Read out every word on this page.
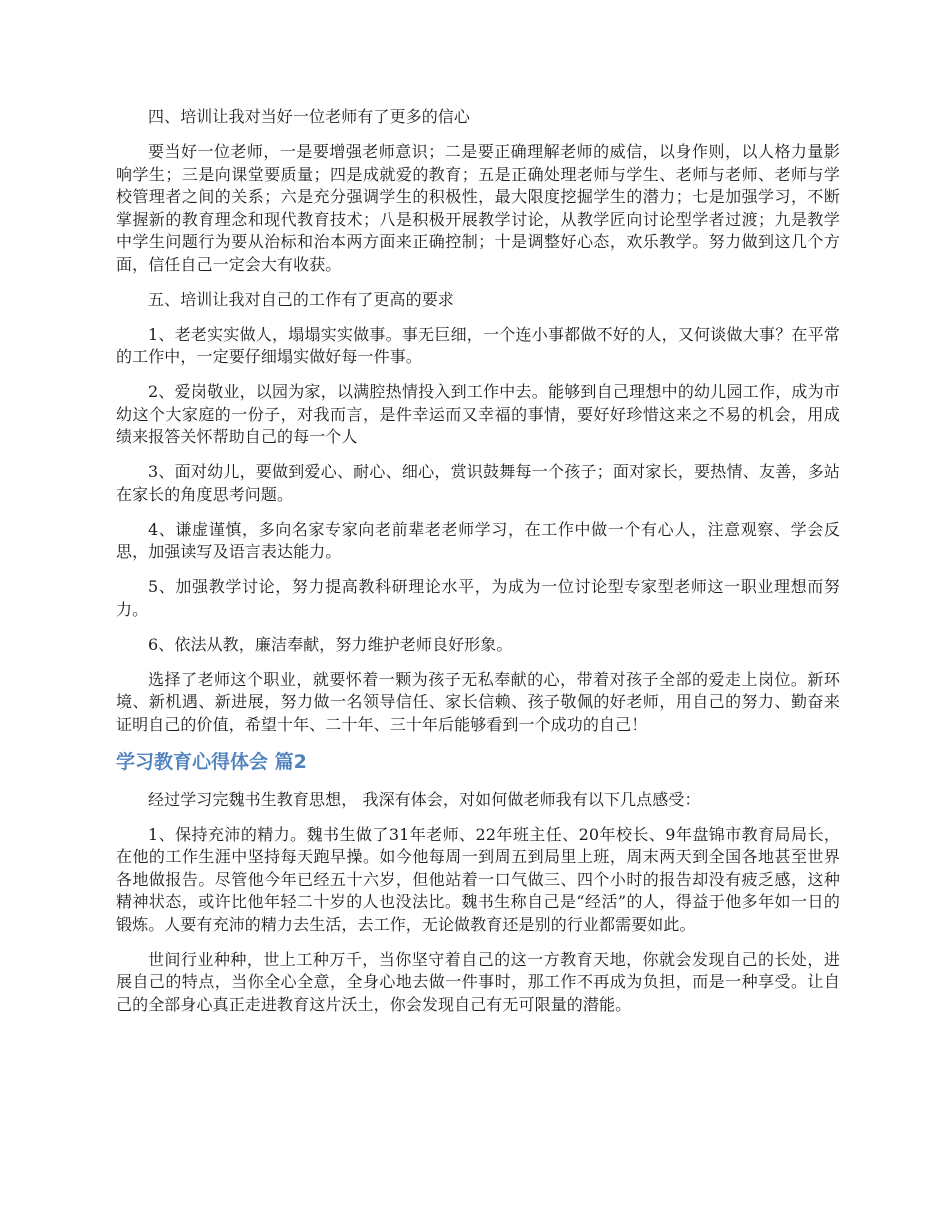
四、培训让我对当好一位老师有了更多的信心

要当好一位老师，一是要增强老师意识；二是要正确理解老师的威信，以身作则，以人格力量影响学生；三是向课堂要质量；四是成就爱的教育；五是正确处理老师与学生、老师与老师、老师与学校管理者之间的关系；六是充分强调学生的积极性，最大限度挖掘学生的潜力；七是加强学习，不断掌握新的教育理念和现代教育技术；八是积极开展教学讨论，从教学匠向讨论型学者过渡；九是教学中学生问题行为要从治标和治本两方面来正确控制；十是调整好心态，欢乐教学。努力做到这几个方面，信任自己一定会大有收获。

五、培训让我对自己的工作有了更高的要求

1、老老实实做人，塌塌实实做事。事无巨细，一个连小事都做不好的人，又何谈做大事？在平常的工作中，一定要仔细塌实做好每一件事。

2、爱岗敬业，以园为家，以满腔热情投入到工作中去。能够到自己理想中的幼儿园工作，成为市幼这个大家庭的一份子，对我而言，是件幸运而又幸福的事情，要好好珍惜这来之不易的机会，用成绩来报答关怀帮助自己的每一个人

3、面对幼儿，要做到爱心、耐心、细心，赏识鼓舞每一个孩子；面对家长，要热情、友善，多站在家长的角度思考问题。

4、谦虚谨慎，多向名家专家向老前辈老老师学习，在工作中做一个有心人，注意观察、学会反思，加强读写及语言表达能力。

5、加强教学讨论，努力提高教科研理论水平，为成为一位讨论型专家型老师这一职业理想而努力。

6、依法从教，廉洁奉献，努力维护老师良好形象。

选择了老师这个职业，就要怀着一颗为孩子无私奉献的心，带着对孩子全部的爱走上岗位。新环境、新机遇、新进展，努力做一名领导信任、家长信赖、孩子敬佩的好老师，用自己的努力、勤奋来证明自己的价值，希望十年、二十年、三十年后能够看到一个成功的自己！

学习教育心得体会 篇2

经过学习完魏书生教育思想， 我深有体会，对如何做老师我有以下几点感受：

1、保持充沛的精力。魏书生做了31年老师、22年班主任、20年校长、9年盘锦市教育局局长，在他的工作生涯中坚持每天跑早操。如今他每周一到周五到局里上班，周末两天到全国各地甚至世界各地做报告。尽管他今年已经五十六岁，但他站着一口气做三、四个小时的报告却没有疲乏感，这种精神状态，或许比他年轻二十岁的人也没法比。魏书生称自己是“经活”的人，得益于他多年如一日的锻炼。人要有充沛的精力去生活，去工作，无论做教育还是别的行业都需要如此。

世间行业种种，世上工种万千，当你坚守着自己的这一方教育天地，你就会发现自己的长处，进展自己的特点，当你全心全意，全身心地去做一件事时，那工作不再成为负担，而是一种享受。让自己的全部身心真正走进教育这片沃土，你会发现自己有无可限量的潜能。
